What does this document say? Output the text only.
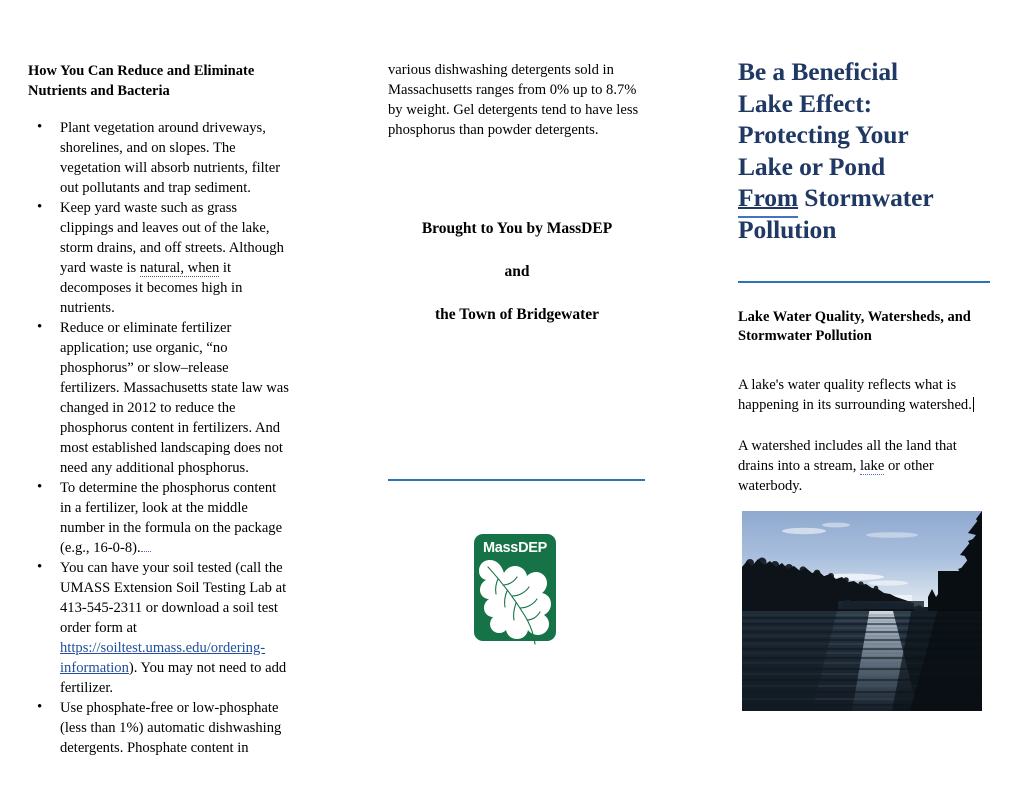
How You Can Reduce and Eliminate Nutrients and Bacteria
• Plant vegetation around driveways, shorelines, and on slopes. The vegetation will absorb nutrients, filter out pollutants and trap sediment.
• Keep yard waste such as grass clippings and leaves out of the lake, storm drains, and off streets. Although yard waste is natural, when it decomposes it becomes high in nutrients.
• Reduce or eliminate fertilizer application; use organic, “no phosphorus” or slow–release fertilizers. Massachusetts state law was changed in 2012 to reduce the phosphorus content in fertilizers. And most established landscaping does not need any additional phosphorus.
• To determine the phosphorus content in a fertilizer, look at the middle number in the formula on the package (e.g., 16-0-8).
• You can have your soil tested (call the UMASS Extension Soil Testing Lab at 413-545-2311 or download a soil test order form at https://soiltest.umass.edu/ordering-information). You may not need to add fertilizer.
• Use phosphate-free or low-phosphate (less than 1%) automatic dishwashing detergents. Phosphate content in

various dishwashing detergents sold in Massachusetts ranges from 0% up to 8.7% by weight. Gel detergents tend to have less phosphorus than powder detergents.

Brought to You by MassDEP
and
the Town of Bridgewater
MassDEP
Be a Beneficial
Lake Effect:
Protecting Your
Lake or Pond
From Stormwater
Pollution
Lake Water Quality, Watersheds, and Stormwater Pollution

A lake's water quality reflects what is happening in its surrounding watershed.

A watershed includes all the land that drains into a stream, lake or other waterbody.
